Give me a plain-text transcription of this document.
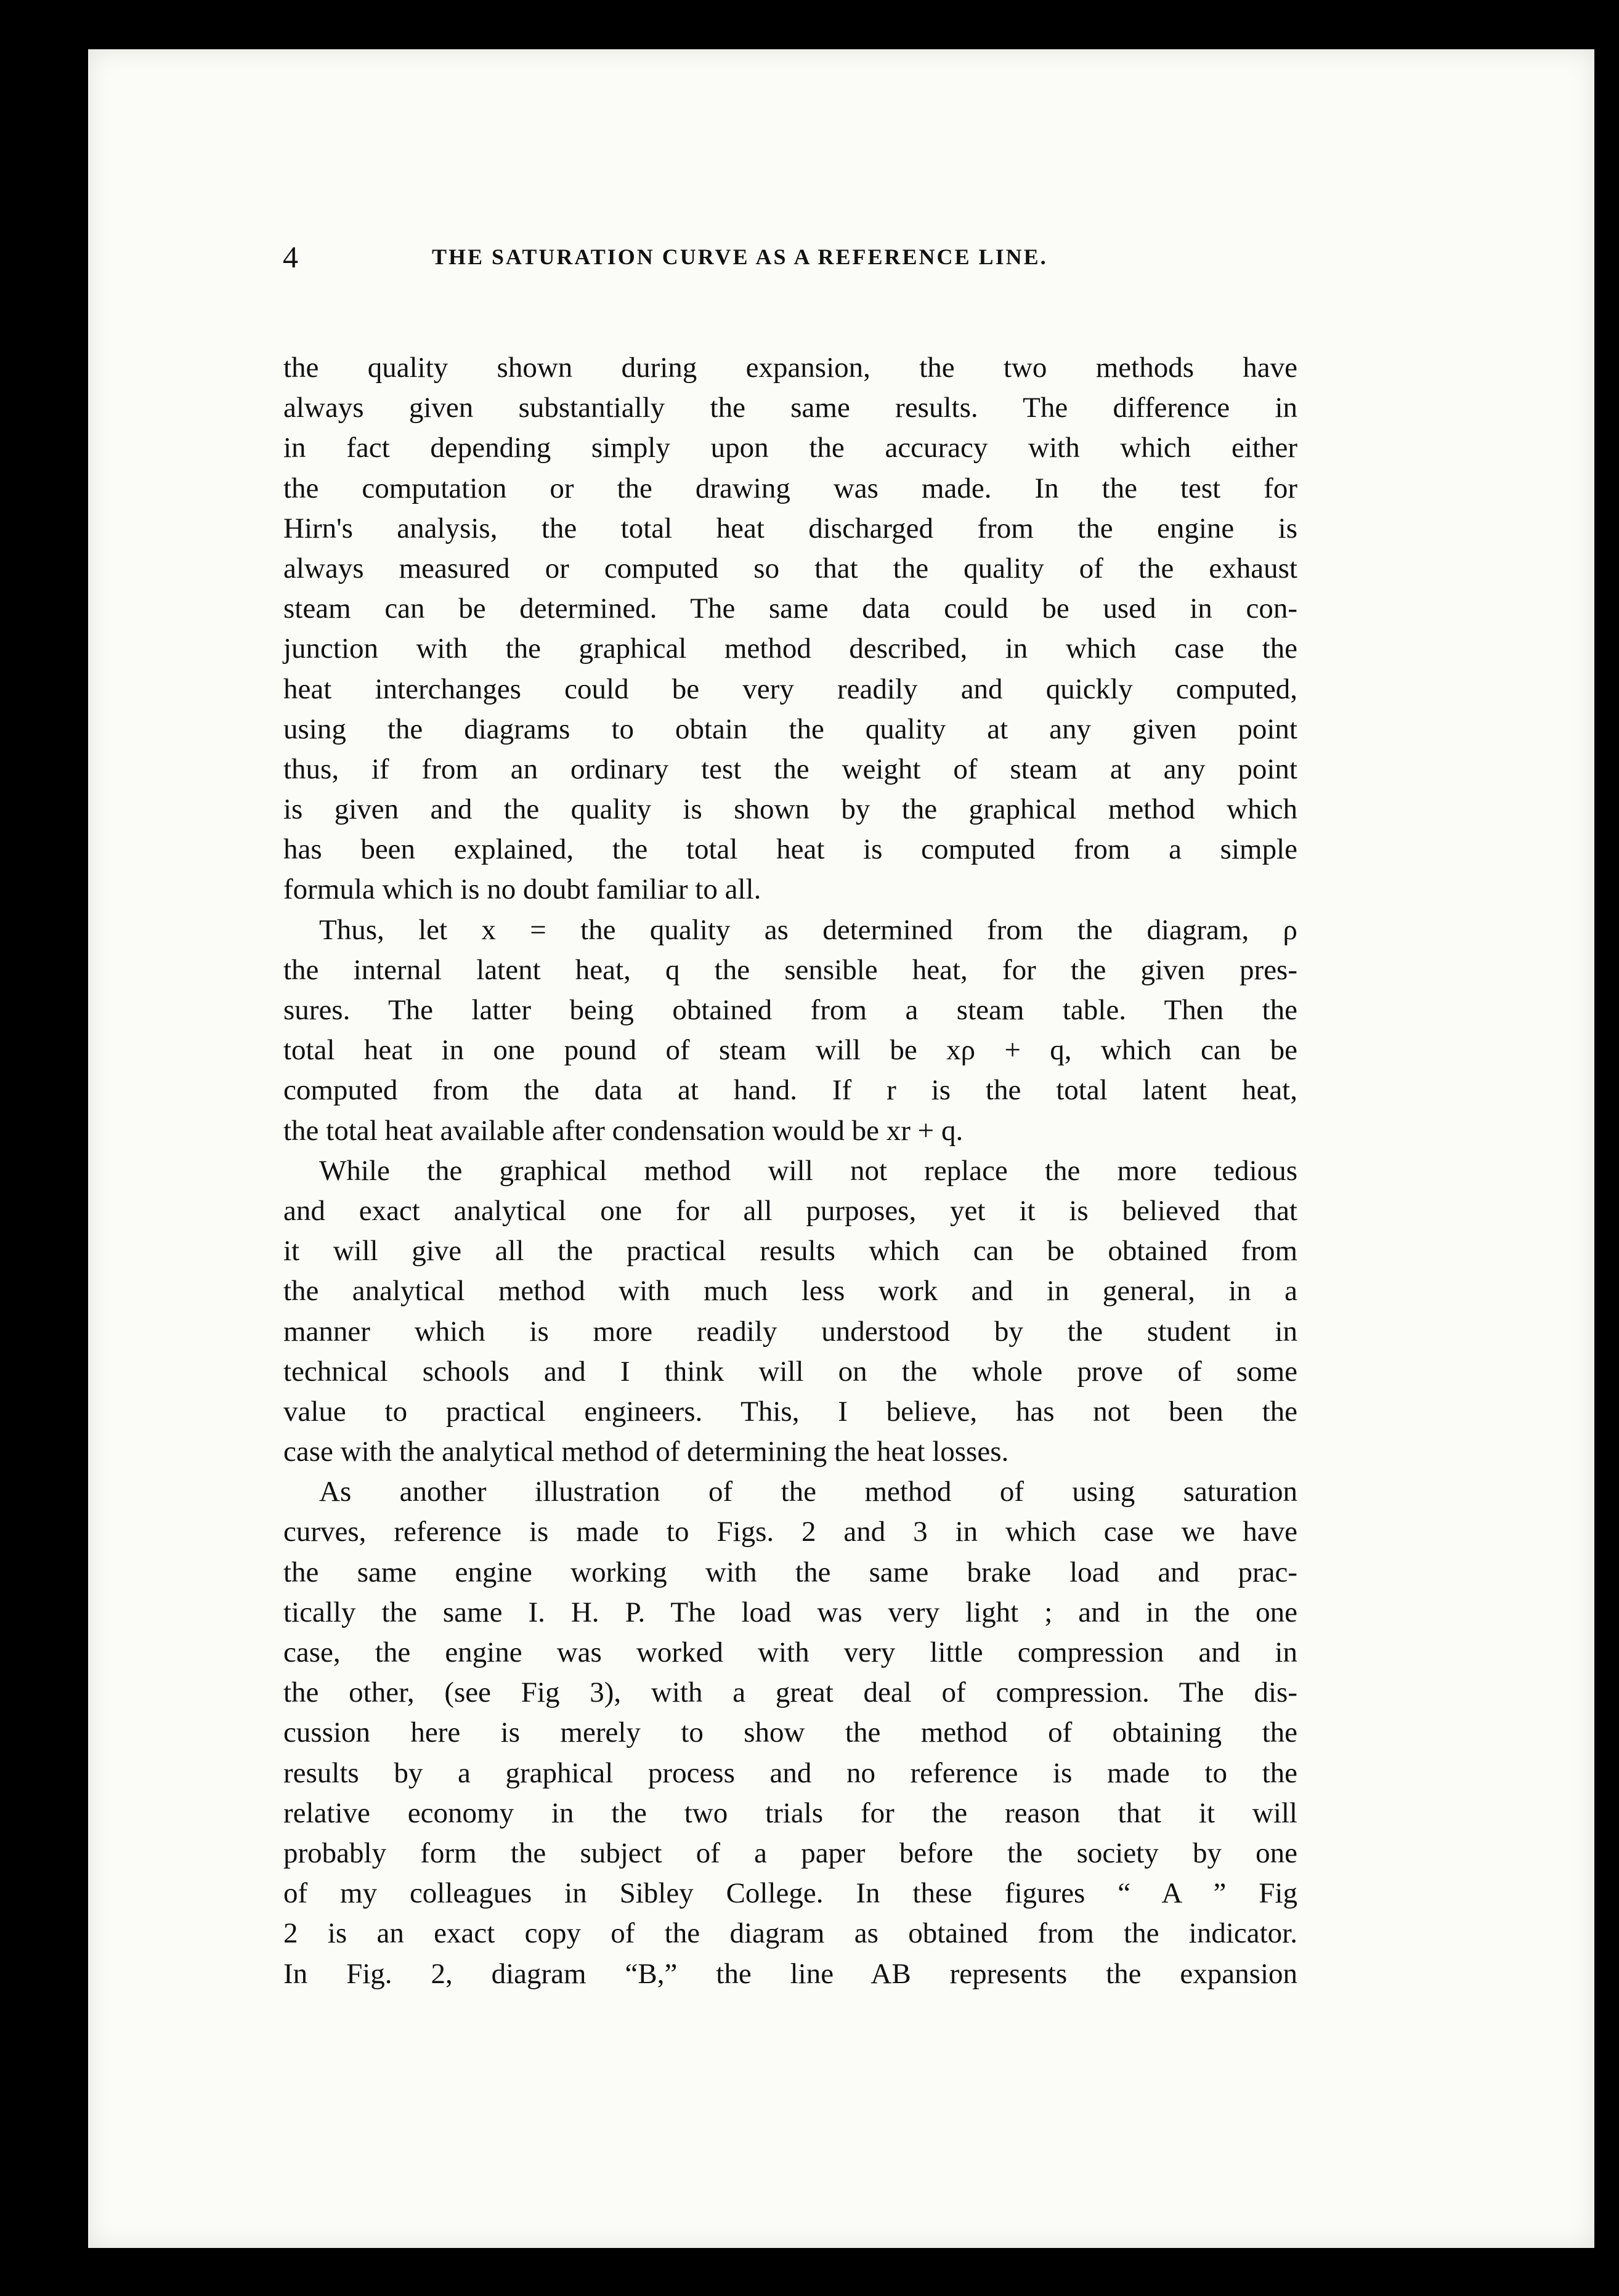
4	THE SATURATION CURVE AS A REFERENCE LINE.
the quality shown during expansion, the two methods have
always given substantially the same results. The difference in
in fact depending simply upon the accuracy with which either
the computation or the drawing was made. In the test for
Hirn's analysis, the total heat discharged from the engine is
always measured or computed so that the quality of the exhaust
steam can be determined. The same data could be used in con-
junction with the graphical method described, in which case the
heat interchanges could be very readily and quickly computed,
using the diagrams to obtain the quality at any given point
thus, if from an ordinary test the weight of steam at any point
is given and the quality is shown by the graphical method which
has been explained, the total heat is computed from a simple
formula which is no doubt familiar to all.
Thus, let x = the quality as determined from the diagram, ρ
the internal latent heat, q the sensible heat, for the given pres-
sures. The latter being obtained from a steam table. Then the
total heat in one pound of steam will be xρ + q, which can be
computed from the data at hand. If r is the total latent heat,
the total heat available after condensation would be xr + q.
While the graphical method will not replace the more tedious
and exact analytical one for all purposes, yet it is believed that
it will give all the practical results which can be obtained from
the analytical method with much less work and in general, in a
manner which is more readily understood by the student in
technical schools and I think will on the whole prove of some
value to practical engineers. This, I believe, has not been the
case with the analytical method of determining the heat losses.
As another illustration of the method of using saturation
curves, reference is made to Figs. 2 and 3 in which case we have
the same engine working with the same brake load and prac-
tically the same I. H. P. The load was very light ; and in the one
case, the engine was worked with very little compression and in
the other, (see Fig 3), with a great deal of compression. The dis-
cussion here is merely to show the method of obtaining the
results by a graphical process and no reference is made to the
relative economy in the two trials for the reason that it will
probably form the subject of a paper before the society by one
of my colleagues in Sibley College. In these figures “ A ” Fig
2 is an exact copy of the diagram as obtained from the indicator.
In Fig. 2, diagram “B,” the line AB represents the expansion
